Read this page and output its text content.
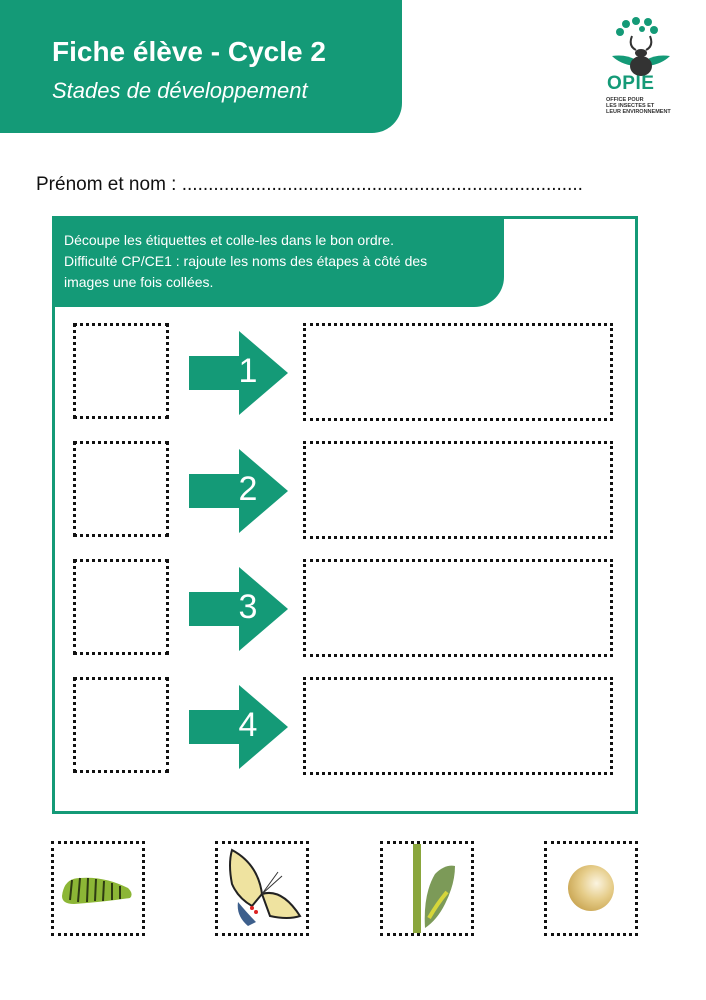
Fiche élève - Cycle 2
Stades de développement	OPIE
OFFICE POUR
LES INSECTES ET
LEUR ENVIRONNEMENT
Prénom et nom : ............................................................................
Découpe les étiquettes et colle-les dans le bon ordre.
Difficulté CP/CE1 : rajoute les noms des étapes à côté des
images une fois collées.
1
2
3
4
